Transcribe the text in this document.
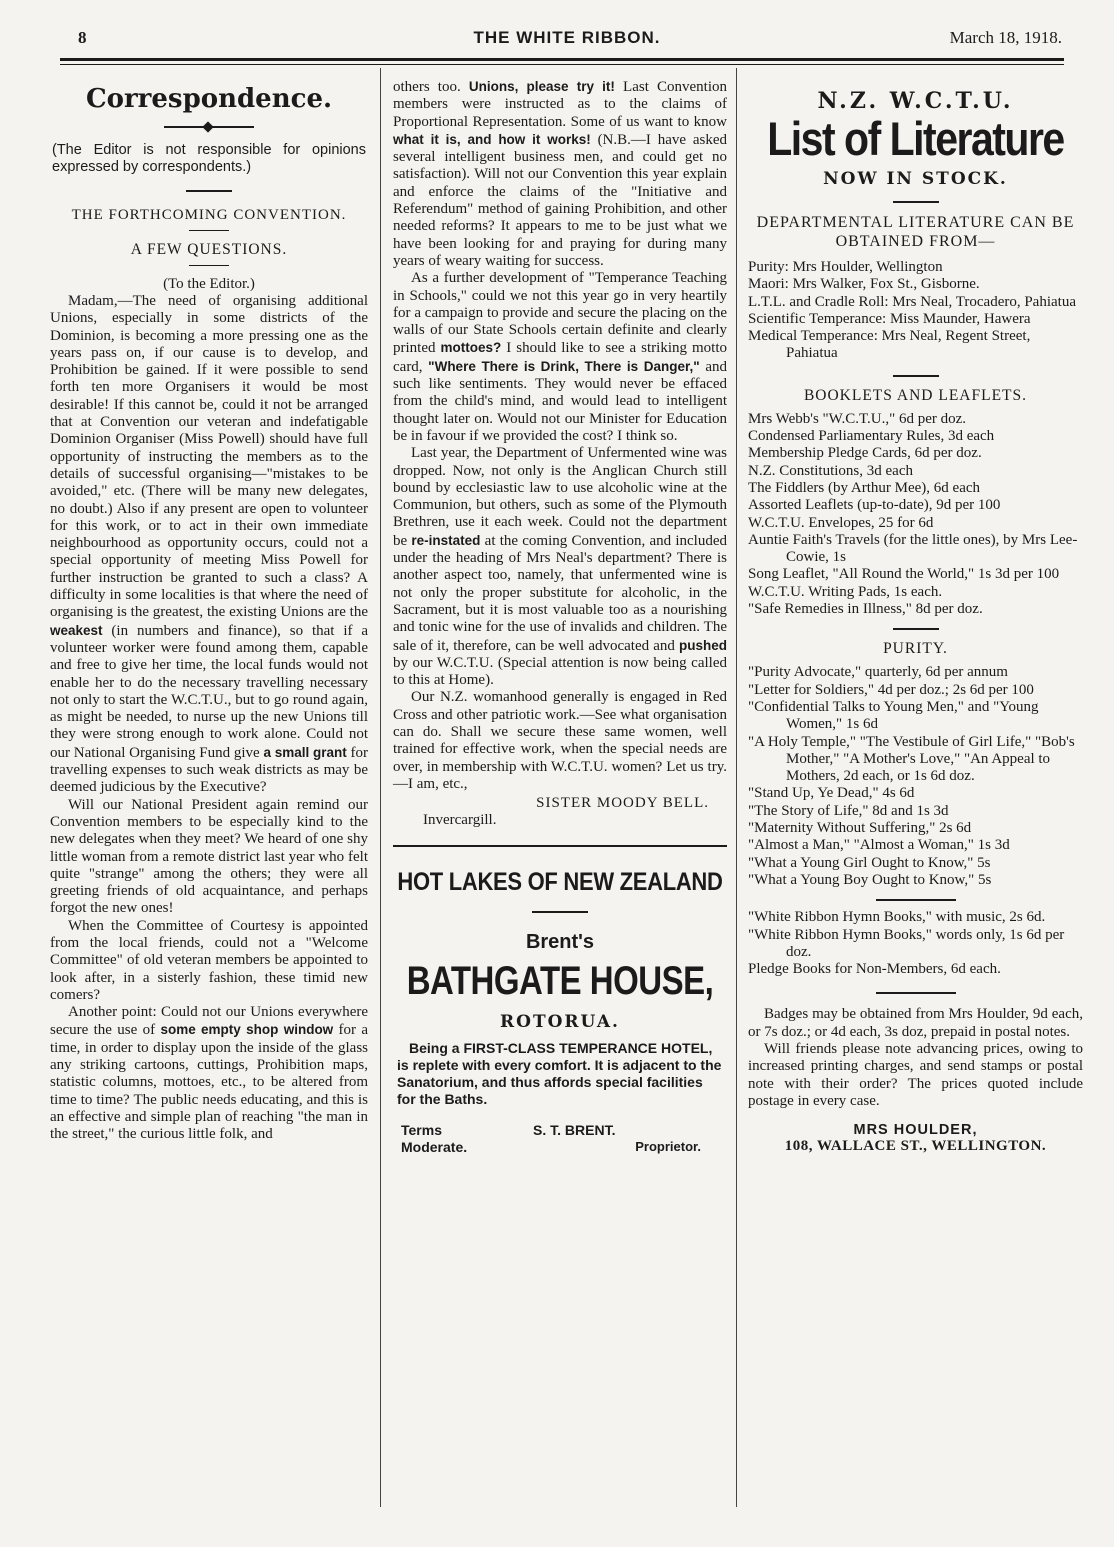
8	THE WHITE RIBBON.	March 18, 1918.
Correspondence.
(The Editor is not responsible for opinions expressed by correspondents.)
THE FORTHCOMING CONVENTION.
A FEW QUESTIONS.
(To the Editor.)

Madam,—The need of organising additional Unions, especially in some districts of the Dominion, is becoming a more pressing one as the years pass on, if our cause is to develop, and Prohibition be gained. If it were possible to send forth ten more Organisers it would be most desirable! If this cannot be, could it not be arranged that at Convention our veteran and indefatigable Dominion Organiser (Miss Powell) should have full opportunity of instructing the members as to the details of successful organising—"mistakes to be avoided," etc. (There will be many new delegates, no doubt.) Also if any present are open to volunteer for this work, or to act in their own immediate neighbourhood as opportunity occurs, could not a special opportunity of meeting Miss Powell for further instruction be granted to such a class? A difficulty in some localities is that where the need of organising is the greatest, the existing Unions are the weakest (in numbers and finance), so that if a volunteer worker were found among them, capable and free to give her time, the local funds would not enable her to do the necessary travelling necessary not only to start the W.C.T.U., but to go round again, as might be needed, to nurse up the new Unions till they were strong enough to work alone. Could not our National Organising Fund give a small grant for travelling expenses to such weak districts as may be deemed judicious by the Executive?

Will our National President again remind our Convention members to be especially kind to the new delegates when they meet? We heard of one shy little woman from a remote district last year who felt quite "strange" among the others; they were all greeting friends of old acquaintance, and perhaps forgot the new ones!

When the Committee of Courtesy is appointed from the local friends, could not a "Welcome Committee" of old veteran members be appointed to look after, in a sisterly fashion, these timid new comers?

Another point: Could not our Unions everywhere secure the use of some empty shop window for a time, in order to display upon the inside of the glass any striking cartoons, cuttings, Prohibition maps, statistic columns, mottoes, etc., to be altered from time to time? The public needs educating, and this is an effective and simple plan of reaching "the man in the street," the curious little folk, and

others too. Unions, please try it! Last Convention members were instructed as to the claims of Proportional Representation. Some of us want to know what it is, and how it works! (N.B.—I have asked several intelligent business men, and could get no satisfaction). Will not our Convention this year explain and enforce the claims of the "Initiative and Referendum" method of gaining Prohibition, and other needed reforms? It appears to me to be just what we have been looking for and praying for during many years of weary waiting for success.

As a further development of "Temperance Teaching in Schools," could we not this year go in very heartily for a campaign to provide and secure the placing on the walls of our State Schools certain definite and clearly printed mottoes? I should like to see a striking motto card, "Where There is Drink, There is Danger," and such like sentiments. They would never be effaced from the child's mind, and would lead to intelligent thought later on. Would not our Minister for Education be in favour if we provided the cost? I think so.

Last year, the Department of Unfermented wine was dropped. Now, not only is the Anglican Church still bound by ecclesiastic law to use alcoholic wine at the Communion, but others, such as some of the Plymouth Brethren, use it each week. Could not the department be re-instated at the coming Convention, and included under the heading of Mrs Neal's department? There is another aspect too, namely, that unfermented wine is not only the proper substitute for alcoholic, in the Sacrament, but it is most valuable too as a nourishing and tonic wine for the use of invalids and children. The sale of it, therefore, can be well advocated and pushed by our W.C.T.U. (Special attention is now being called to this at Home).

Our N.Z. womanhood generally is engaged in Red Cross and other patriotic work.—See what organisation can do. Shall we secure these same women, well trained for effective work, when the special needs are over, in membership with W.C.T.U. women? Let us try.—I am, etc.,

SISTER MOODY BELL.
Invercargill.
HOT LAKES OF NEW ZEALAND
Brent's
BATHGATE HOUSE,
ROTORUA.
Being a FIRST-CLASS TEMPERANCE HOTEL, is replete with every comfort. It is adjacent to the Sanatorium, and thus affords special facilities for the Baths.
Terms
Moderate.
S. T. BRENT.
Proprietor.
N.Z. W.C.T.U.
List of Literature
NOW IN STOCK.
DEPARTMENTAL LITERATURE CAN BE OBTAINED FROM—
Purity: Mrs Houlder, Wellington
Maori: Mrs Walker, Fox St., Gisborne.
L.T.L. and Cradle Roll: Mrs Neal, Trocadero, Pahiatua
Scientific Temperance: Miss Maunder, Hawera
Medical Temperance: Mrs Neal, Regent Street, Pahiatua
BOOKLETS AND LEAFLETS.
Mrs Webb's "W.C.T.U.," 6d per doz.
Condensed Parliamentary Rules, 3d each
Membership Pledge Cards, 6d per doz.
N.Z. Constitutions, 3d each
The Fiddlers (by Arthur Mee), 6d each
Assorted Leaflets (up-to-date), 9d per 100
W.C.T.U. Envelopes, 25 for 6d
Auntie Faith's Travels (for the little ones), by Mrs Lee-Cowie, 1s
Song Leaflet, "All Round the World," 1s 3d per 100
W.C.T.U. Writing Pads, 1s each.
"Safe Remedies in Illness," 8d per doz.
PURITY.
"Purity Advocate," quarterly, 6d per annum
"Letter for Soldiers," 4d per doz.; 2s 6d per 100
"Confidential Talks to Young Men," and "Young Women," 1s 6d
"A Holy Temple," "The Vestibule of Girl Life," "Bob's Mother," "A Mother's Love," "An Appeal to Mothers, 2d each, or 1s 6d doz.
"Stand Up, Ye Dead," 4s 6d
"The Story of Life," 8d and 1s 3d
"Maternity Without Suffering," 2s 6d
"Almost a Man," "Almost a Woman," 1s 3d
"What a Young Girl Ought to Know," 5s
"What a Young Boy Ought to Know," 5s
"White Ribbon Hymn Books," with music, 2s 6d.
"White Ribbon Hymn Books," words only, 1s 6d per doz.
Pledge Books for Non-Members, 6d each.

Badges may be obtained from Mrs Houlder, 9d each, or 7s doz.; or 4d each, 3s doz, prepaid in postal notes.

Will friends please note advancing prices, owing to increased printing charges, and send stamps or postal note with their order? The prices quoted include postage in every case.

MRS HOULDER,
108, WALLACE ST., WELLINGTON.
